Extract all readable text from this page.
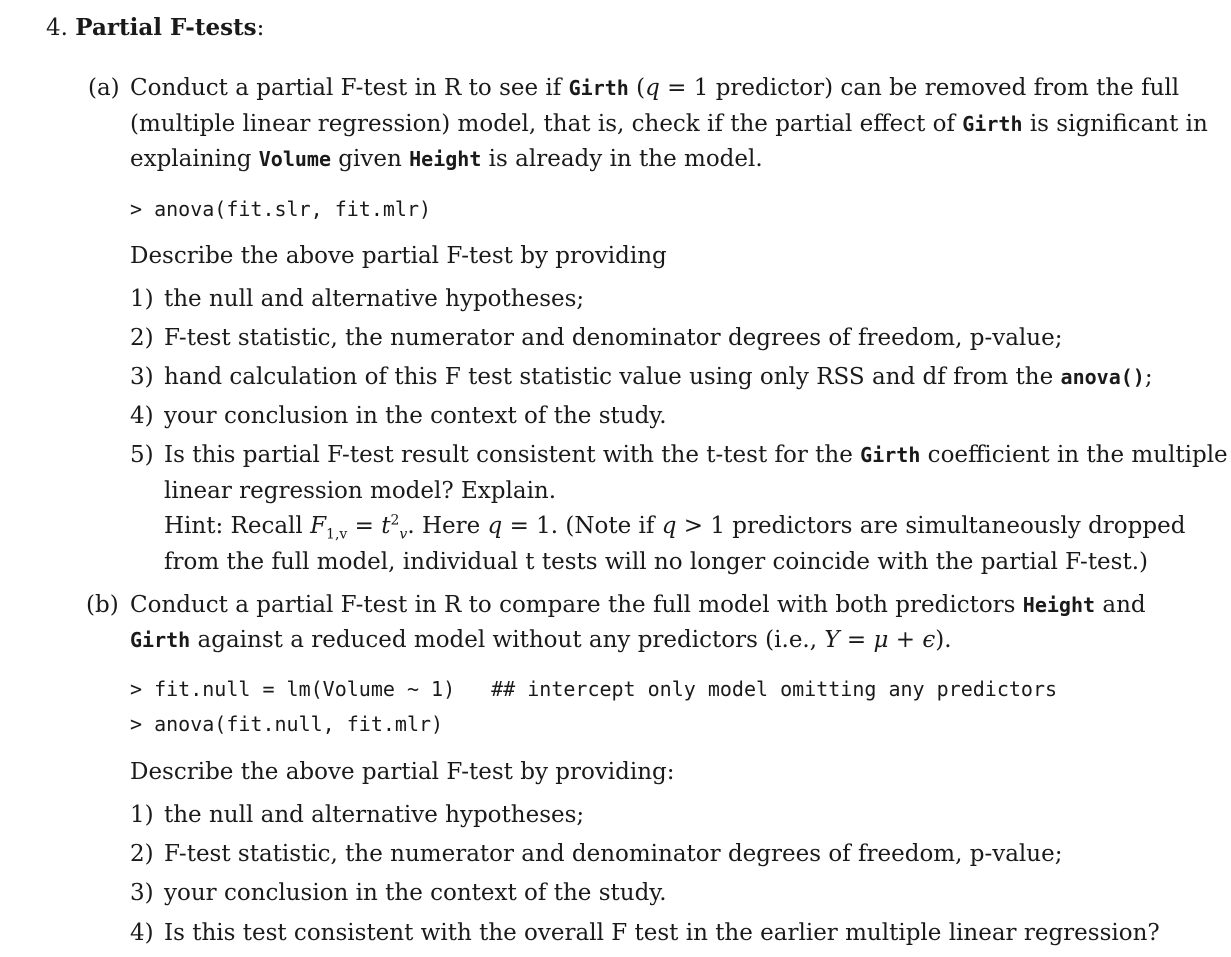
4. Partial F-tests:
(a) Conduct a partial F-test in R to see if Girth (q = 1 predictor) can be removed from the full
(multiple linear regression) model, that is, check if the partial effect of Girth is significant in
explaining Volume given Height is already in the model.
> anova(fit.slr, fit.mlr)
Describe the above partial F-test by providing
1) the null and alternative hypotheses;
2) F-test statistic, the numerator and denominator degrees of freedom, p-value;
3) hand calculation of this F test statistic value using only RSS and df from the anova();
4) your conclusion in the context of the study.
5) Is this partial F-test result consistent with the t-test for the Girth coefficient in the multiple
linear regression model? Explain.
Hint: Recall $F_{1,v} = t^2_v$. Here q = 1. (Note if q > 1 predictors are simultaneously dropped
from the full model, individual t tests will no longer coincide with the partial F-test.)
(b) Conduct a partial F-test in R to compare the full model with both predictors Height and
Girth against a reduced model without any predictors (i.e., Y = μ + ϵ).
> fit.null = lm(Volume ~ 1) ## intercept only model omitting any predictors
> anova(fit.null, fit.mlr)
Describe the above partial F-test by providing:
1) the null and alternative hypotheses;
2) F-test statistic, the numerator and denominator degrees of freedom, p-value;
3) your conclusion in the context of the study.
4) Is this test consistent with the overall F test in the earlier multiple linear regression?
